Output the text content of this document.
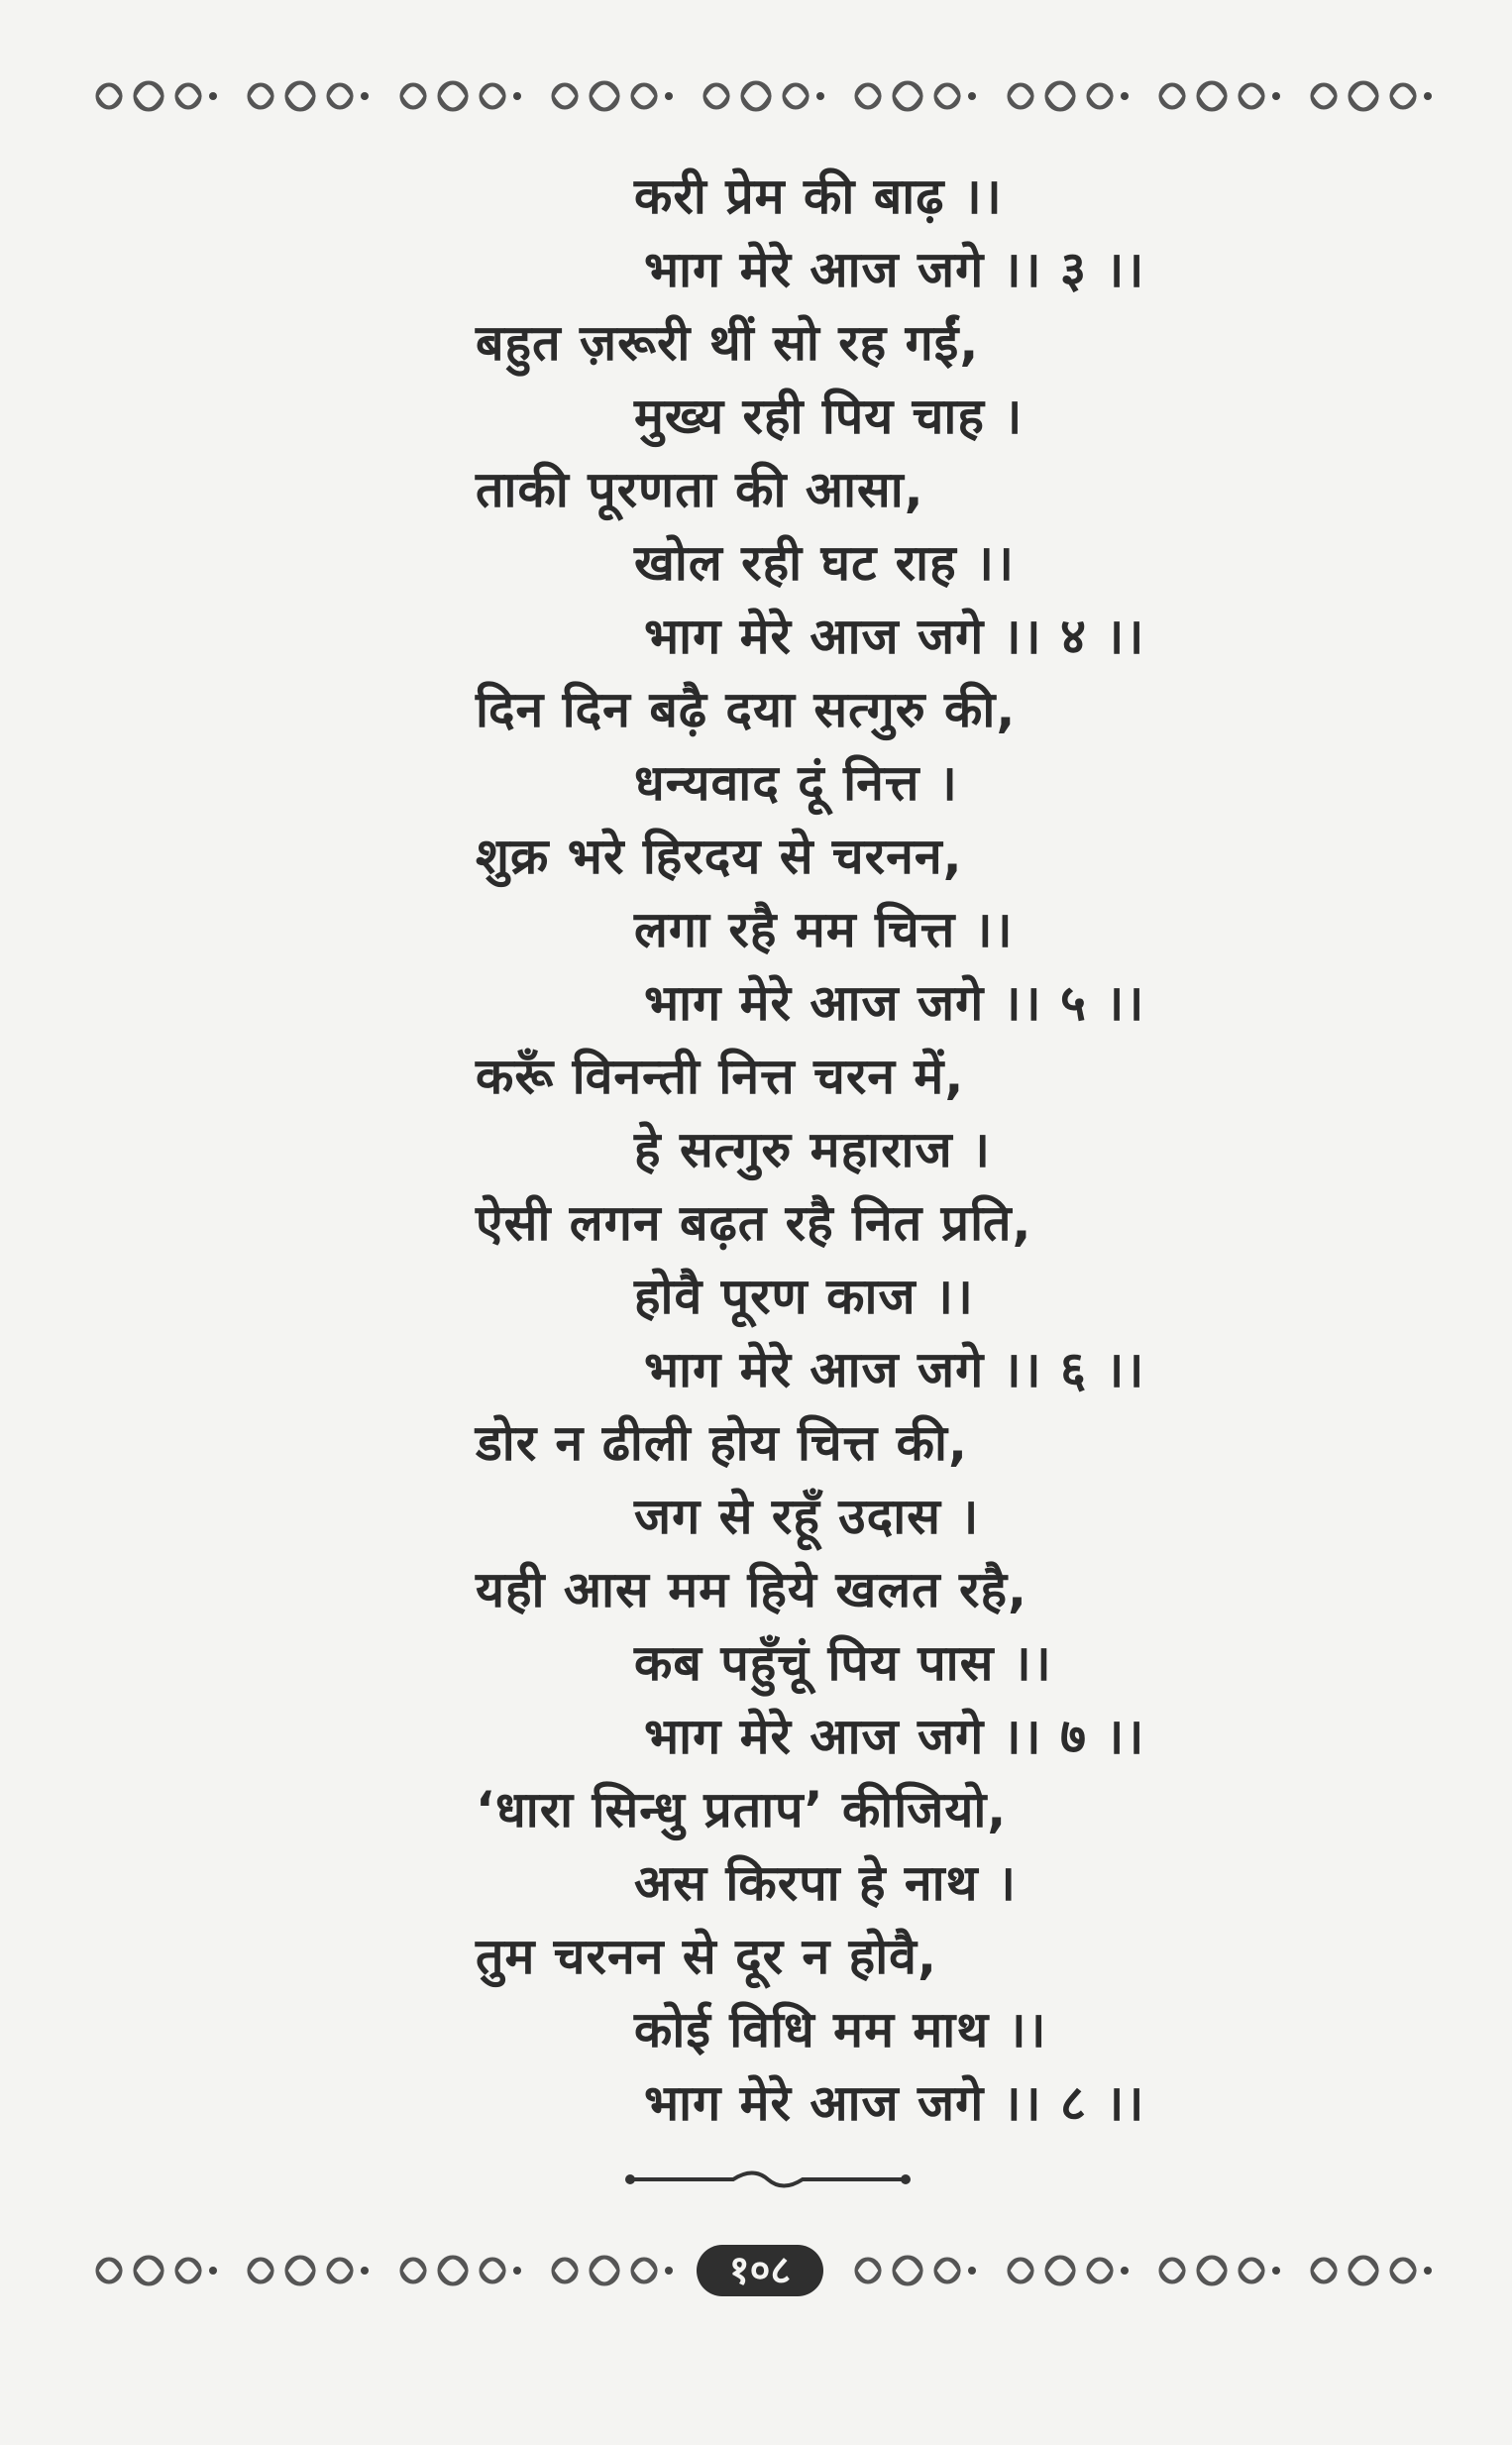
करी प्रेम की बाढ़ ।।
भाग मेरे आज जगे ।। ३ ।।
बहुत ज़रूरी थीं सो रह गईं,
मुख्य रही पिय चाह ।
ताकी पूरणता की आसा,
खोल रही घट राह ।।
भाग मेरे आज जगे ।। ४ ।।
दिन दिन बढ़ै दया सत्गुरु की,
धन्यवाद दूं नित्त ।
शुक्र भरे हिरदय से चरनन,
लगा रहै मम चित्त ।।
भाग मेरे आज जगे ।। ५ ।।
करूँ विनन्ती नित्त चरन में,
हे सत्गुरु महाराज ।
ऐसी लगन बढ़त रहै नित प्रति,
होवै पूरण काज ।।
भाग मेरे आज जगे ।। ६ ।।
डोर न ढीली होय चित्त की,
जग से रहूँ उदास ।
यही आस मम हिये खलत रहै,
कब पहुँचूं पिय पास ।।
भाग मेरे आज जगे ।। ७ ।।
‘धारा सिन्धु प्रताप’ कीजियो,
अस किरपा हे नाथ ।
तुम चरनन से दूर न होवै,
कोई विधि मम माथ ।।
भाग मेरे आज जगे ।। ८ ।।
१०८
